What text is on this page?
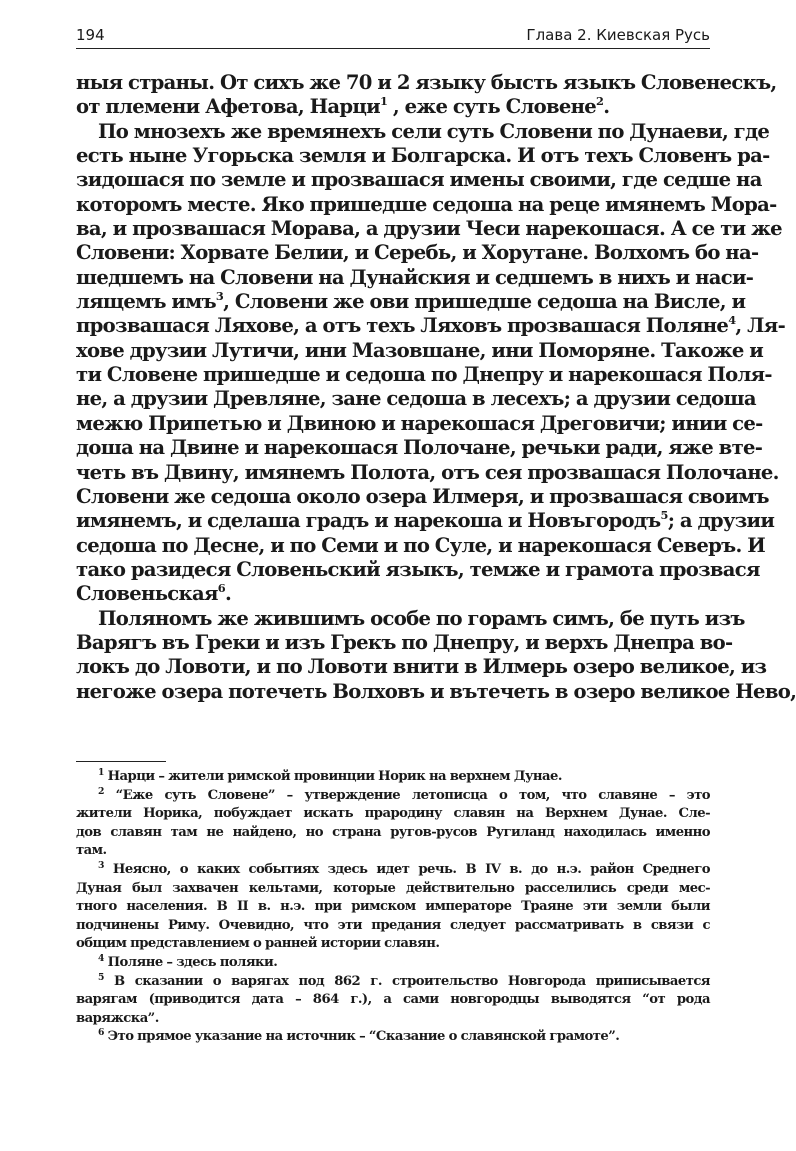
194	Глава 2. Киевская Русь
ныя страны. От сихъ же 70 и 2 языку бысть языкъ Словенескъ,
от племени Афетова, Нарци$^1$ , еже суть Словене$^2$.
По мнозехъ же времянехъ сели суть Словени по Дунаеви, где
есть ныне Угорьска земля и Болгарска. И отъ техъ Словенъ ра-
зидошася по земле и прозвашася имены своими, где седше на
которомъ месте. Яко пришедше седоша на реце имянемъ Мора-
ва, и прозвашася Морава, а друзии Чеси нарекошася. А се ти же
Словени: Хорвате Белии, и Серебь, и Хорутане. Волхомъ бо на-
шедшемъ на Словени на Дунайския и седшемъ в нихъ и наси-
лящемъ имъ$^3$, Словени же ови пришедше седоша на Висле, и
прозвашася Ляхове, а отъ техъ Ляховъ прозвашася Поляне$^4$, Ля-
хове друзии Лутичи, ини Мазовшане, ини Поморяне. Такоже и
ти Словене пришедше и седоша по Днепру и нарекошася Поля-
не, а друзии Древляне, зане седоша в лесехъ; а друзии седоша
межю Припетью и Двиною и нарекошася Дреговичи; инии се-
доша на Двине и нарекошася Полочане, речьки ради, яже вте-
четь въ Двину, имянемъ Полота, отъ сея прозвашася Полочане.
Словени же седоша около озера Илмеря, и прозвашася своимъ
имянемъ, и сделаша градъ и нарекоша и Новъгородъ$^5$; а друзии
седоша по Десне, и по Семи и по Суле, и нарекошася Северъ. И
тако разидеся Словеньский языкъ, темже и грамота прозвася
Словеньская$^6$.
Поляномъ же жившимъ особе по горамъ симъ, бе путь изъ
Варягъ въ Греки и изъ Грекъ по Днепру, и верхъ Днепра во-
локъ до Ловоти, и по Ловоти внити в Илмерь озеро великое, из
негоже озера потечеть Волховъ и вътечеть в озеро великое Нево,
$^1$ Нарци – жители римской провинции Норик на верхнем Дунае.
$^2$ “Еже суть Словене” – утверждение летописца о том, что славяне – это
жители Норика, побуждает искать прародину славян на Верхнем Дунае. Сле-
дов славян там не найдено, но страна ругов-русов Ругиланд находилась именно
там.
$^3$ Неясно, о каких событиях здесь идет речь. В IV в. до н.э. район Среднего
Дуная был захвачен кельтами, которые действительно расселились среди мес-
тного населения. В II в. н.э. при римском императоре Траяне эти земли были
подчинены Риму. Очевидно, что эти предания следует рассматривать в связи с
общим представлением о ранней истории славян.
$^4$ Поляне – здесь поляки.
$^5$ В сказании о варягах под 862 г. строительство Новгорода приписывается
варягам (приводится дата – 864 г.), а сами новгородцы выводятся “от рода
варяжска”.
$^6$ Это прямое указание на источник – “Сказание о славянской грамоте”.
